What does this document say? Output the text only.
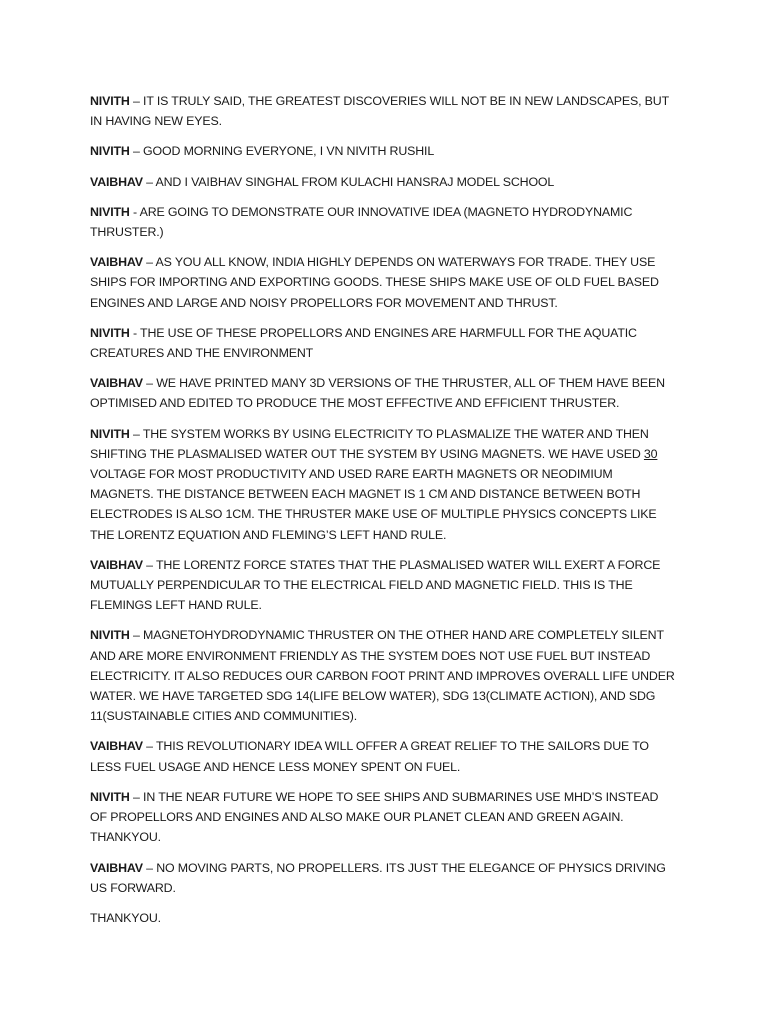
NIVITH – IT IS TRULY SAID, THE GREATEST DISCOVERIES WILL NOT BE IN NEW LANDSCAPES, BUT IN HAVING NEW EYES.

NIVITH – GOOD MORNING EVERYONE, I VN NIVITH RUSHIL

VAIBHAV – AND I VAIBHAV SINGHAL FROM KULACHI HANSRAJ MODEL SCHOOL

NIVITH - ARE GOING TO DEMONSTRATE OUR INNOVATIVE IDEA (MAGNETO HYDRODYNAMIC THRUSTER.)

VAIBHAV – AS YOU ALL KNOW, INDIA HIGHLY DEPENDS ON WATERWAYS FOR TRADE. THEY USE SHIPS FOR IMPORTING AND EXPORTING GOODS. THESE SHIPS MAKE USE OF OLD FUEL BASED ENGINES AND LARGE AND NOISY PROPELLORS FOR MOVEMENT AND THRUST.

NIVITH - THE USE OF THESE PROPELLORS AND ENGINES ARE HARMFULL FOR THE AQUATIC CREATURES AND THE ENVIRONMENT

VAIBHAV – WE HAVE PRINTED MANY 3D VERSIONS OF THE THRUSTER, ALL OF THEM HAVE BEEN OPTIMISED AND EDITED TO PRODUCE THE MOST EFFECTIVE AND EFFICIENT THRUSTER.

NIVITH – THE SYSTEM WORKS BY USING ELECTRICITY TO PLASMALIZE THE WATER AND THEN SHIFTING THE PLASMALISED WATER OUT THE SYSTEM BY USING MAGNETS. WE HAVE USED 30 VOLTAGE FOR MOST PRODUCTIVITY AND USED RARE EARTH MAGNETS OR NEODIMIUM MAGNETS. THE DISTANCE BETWEEN EACH MAGNET IS 1 CM AND DISTANCE BETWEEN BOTH ELECTRODES IS ALSO 1CM. THE THRUSTER MAKE USE OF MULTIPLE PHYSICS CONCEPTS LIKE THE LORENTZ EQUATION AND FLEMING’S LEFT HAND RULE.

VAIBHAV – THE LORENTZ FORCE STATES THAT THE PLASMALISED WATER WILL EXERT A FORCE MUTUALLY PERPENDICULAR TO THE ELECTRICAL FIELD AND MAGNETIC FIELD. THIS IS THE FLEMINGS LEFT HAND RULE.

NIVITH – MAGNETOHYDRODYNAMIC THRUSTER ON THE OTHER HAND ARE COMPLETELY SILENT AND ARE MORE ENVIRONMENT FRIENDLY AS THE SYSTEM DOES NOT USE FUEL BUT INSTEAD ELECTRICITY. IT ALSO REDUCES OUR CARBON FOOT PRINT AND IMPROVES OVERALL LIFE UNDER WATER. WE HAVE TARGETED SDG 14(LIFE BELOW WATER), SDG 13(CLIMATE ACTION), AND SDG 11(SUSTAINABLE CITIES AND COMMUNITIES).

VAIBHAV – THIS REVOLUTIONARY IDEA WILL OFFER A GREAT RELIEF TO THE SAILORS DUE TO LESS FUEL USAGE AND HENCE LESS MONEY SPENT ON FUEL.

NIVITH – IN THE NEAR FUTURE WE HOPE TO SEE SHIPS AND SUBMARINES USE MHD’S INSTEAD OF PROPELLORS AND ENGINES AND ALSO MAKE OUR PLANET CLEAN AND GREEN AGAIN. THANKYOU.

VAIBHAV – NO MOVING PARTS, NO PROPELLERS. ITS JUST THE ELEGANCE OF PHYSICS DRIVING US FORWARD.

THANKYOU.
